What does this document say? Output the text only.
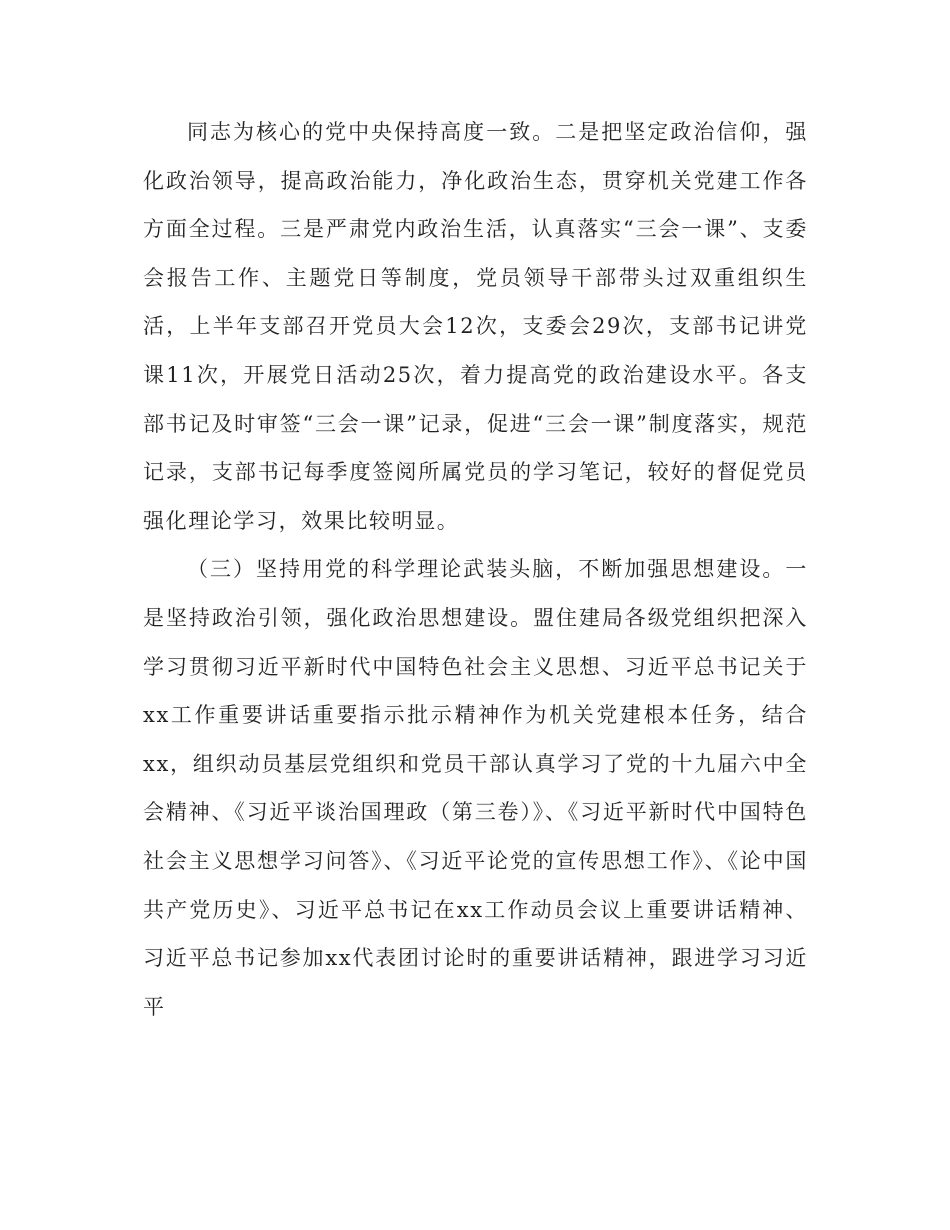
同志为核心的党中央保持高度一致。二是把坚定政治信仰，强化政治领导，提高政治能力，净化政治生态，贯穿机关党建工作各方面全过程。三是严肃党内政治生活，认真落实“三会一课”、支委会报告工作、主题党日等制度，党员领导干部带头过双重组织生活，上半年支部召开党员大会12次，支委会29次，支部书记讲党课11次，开展党日活动25次，着力提高党的政治建设水平。各支部书记及时审签“三会一课”记录，促进“三会一课”制度落实，规范记录，支部书记每季度签阅所属党员的学习笔记，较好的督促党员强化理论学习，效果比较明显。

（三）坚持用党的科学理论武装头脑，不断加强思想建设。一是坚持政治引领，强化政治思想建设。盟住建局各级党组织把深入学习贯彻习近平新时代中国特色社会主义思想、习近平总书记关于xx工作重要讲话重要指示批示精神作为机关党建根本任务，结合xx，组织动员基层党组织和党员干部认真学习了党的十九届六中全会精神、《习近平谈治国理政（第三卷）》、《习近平新时代中国特色社会主义思想学习问答》、《习近平论党的宣传思想工作》、《论中国共产党历史》、习近平总书记在xx工作动员会议上重要讲话精神、习近平总书记参加xx代表团讨论时的重要讲话精神，跟进学习习近平
